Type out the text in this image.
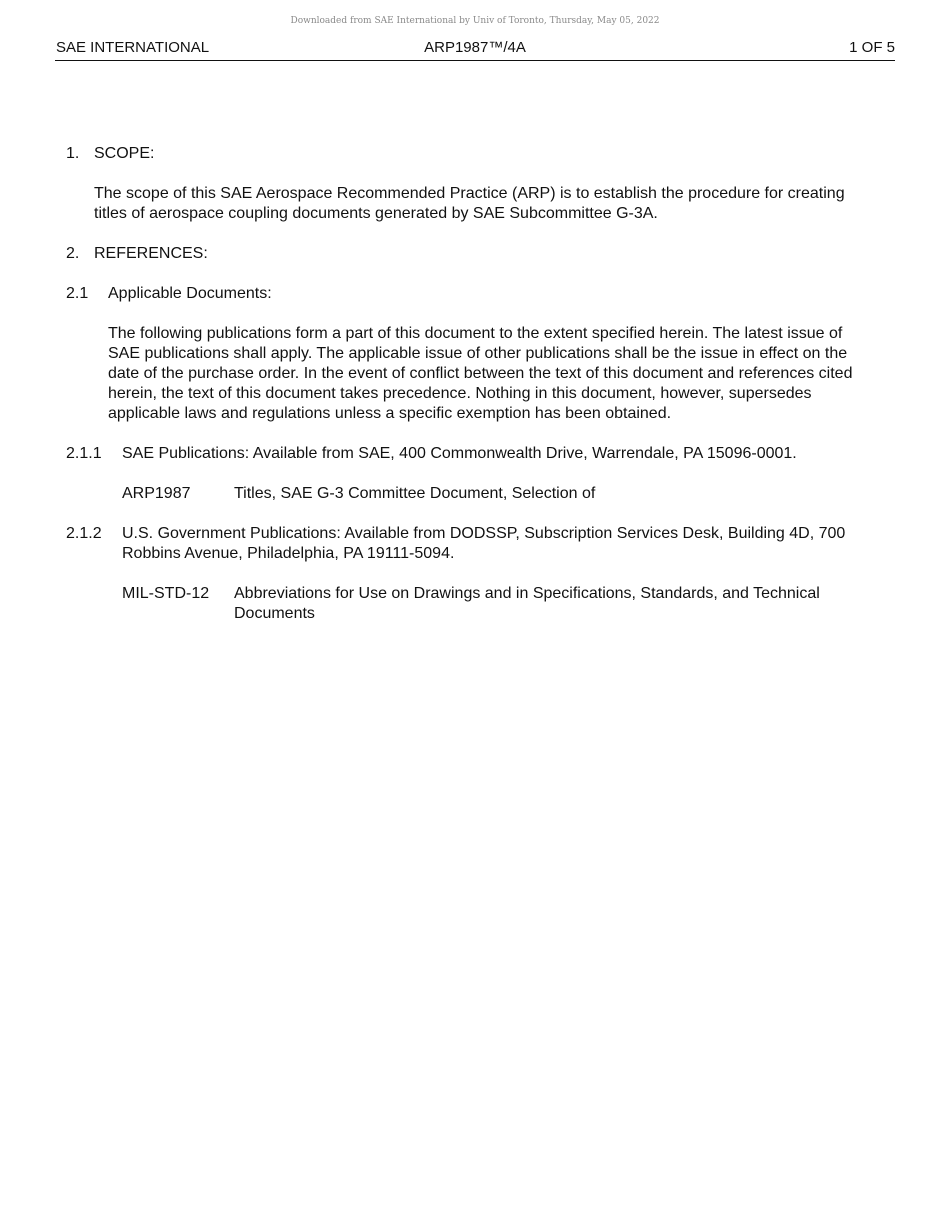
Downloaded from SAE International by Univ of Toronto, Thursday, May 05, 2022
SAE INTERNATIONAL	ARP1987™/4A	1 OF 5
1. SCOPE:
The scope of this SAE Aerospace Recommended Practice (ARP) is to establish the procedure for creating titles of aerospace coupling documents generated by SAE Subcommittee G-3A.
2. REFERENCES:
2.1	Applicable Documents:
The following publications form a part of this document to the extent specified herein. The latest issue of SAE publications shall apply. The applicable issue of other publications shall be the issue in effect on the date of the purchase order. In the event of conflict between the text of this document and references cited herein, the text of this document takes precedence. Nothing in this document, however, supersedes applicable laws and regulations unless a specific exemption has been obtained.
2.1.1	SAE Publications: Available from SAE, 400 Commonwealth Drive, Warrendale, PA 15096-0001.
ARP1987	Titles, SAE G-3 Committee Document, Selection of
2.1.2	U.S. Government Publications: Available from DODSSP, Subscription Services Desk, Building 4D, 700 Robbins Avenue, Philadelphia, PA 19111-5094.
MIL-STD-12	Abbreviations for Use on Drawings and in Specifications, Standards, and Technical Documents
